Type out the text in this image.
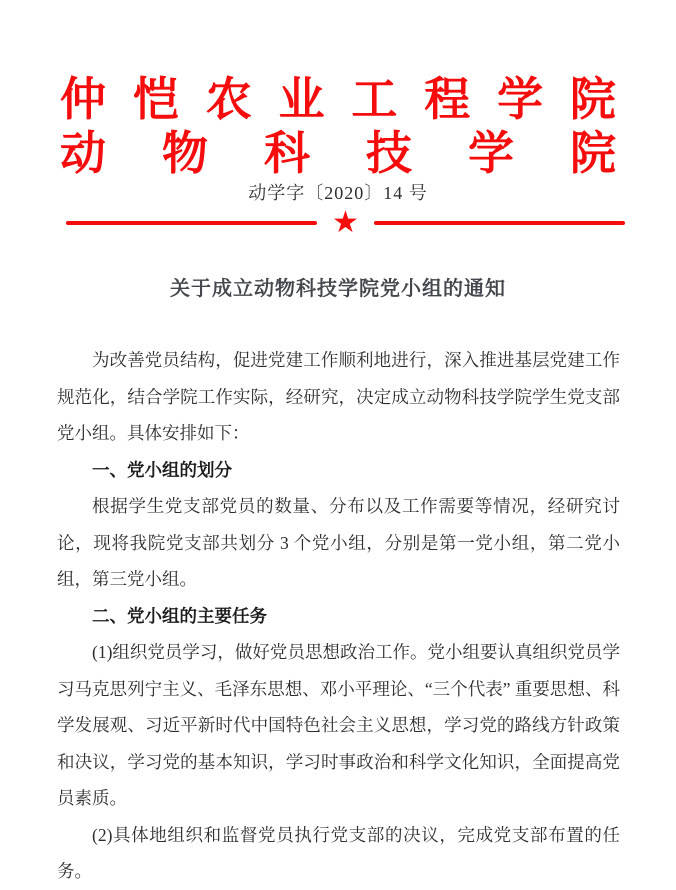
仲 恺 农 业 工 程 学 院
动 物 科 技 学 院
动学字〔2020〕14 号
★
关于成立动物科技学院党小组的通知

为改善党员结构，促进党建工作顺利地进行，深入推进基层党建工作规范化，结合学院工作实际，经研究，决定成立动物科技学院学生党支部党小组。具体安排如下：

一、党小组的划分

根据学生党支部党员的数量、分布以及工作需要等情况，经研究讨论，现将我院党支部共划分 3 个党小组，分别是第一党小组，第二党小组，第三党小组。

二、党小组的主要任务

(1)组织党员学习，做好党员思想政治工作。党小组要认真组织党员学习马克思列宁主义、毛泽东思想、邓小平理论、“三个代表” 重要思想、科学发展观、习近平新时代中国特色社会主义思想，学习党的路线方针政策和决议，学习党的基本知识，学习时事政治和科学文化知识，全面提高党员素质。

(2)具体地组织和监督党员执行党支部的决议，完成党支部布置的任务。
